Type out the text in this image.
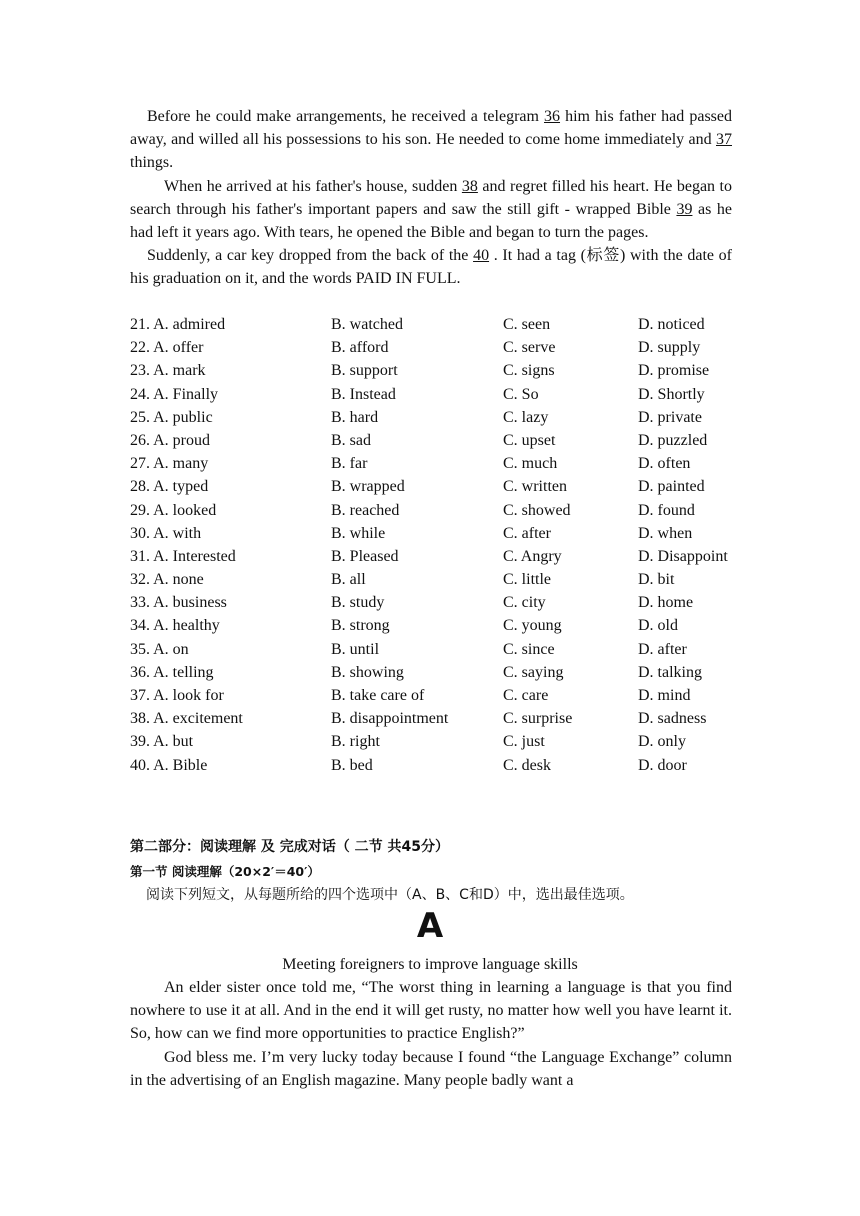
Before he could make arrangements, he received a telegram 36 him his father had passed away, and willed all his possessions to his son. He needed to come home immediately and 37 things.

When he arrived at his father's house, sudden 38 and regret filled his heart. He began to search through his father's important papers and saw the still gift - wrapped Bible 39 as he had left it years ago. With tears, he opened the Bible and began to turn the pages.

Suddenly, a car key dropped from the back of the 40 . It had a tag (标签) with the date of his graduation on it, and the words PAID IN FULL.

21. A. admired	B. watched	C. seen	D. noticed
22. A. offer	B. afford	C. serve	D. supply
23. A. mark	B. support	C. signs	D. promise
24. A. Finally	B. Instead	C. So	D. Shortly
25. A. public	B. hard	C. lazy	D. private
26. A. proud	B. sad	C. upset	D. puzzled
27. A. many	B. far	C. much	D. often
28. A. typed	B. wrapped	C. written	D. painted
29. A. looked	B. reached	C. showed	D. found
30. A. with	B. while	C. after	D. when
31. A. Interested	B. Pleased	C. Angry	D. Disappoint
32. A. none	B. all	C. little	D. bit
33. A. business	B. study	C. city	D. home
34. A. healthy	B. strong	C. young	D. old
35. A. on	B. until	C. since	D. after
36. A. telling	B. showing	C. saying	D. talking
37. A. look for	B. take care of	C. care	D. mind
38. A. excitement	B. disappointment	C. surprise	D. sadness
39. A. but	B. right	C. just	D. only
40. A. Bible	B. bed	C. desk	D. door
第二部分：阅读理解 及 完成对话（ 二节 共45分）
第一节 阅读理解（20×2′＝40′）
阅读下列短文，从每题所给的四个选项中（A、B、C和D）中，选出最佳选项。
A
Meeting foreigners to improve language skills

An elder sister once told me, “The worst thing in learning a language is that you find nowhere to use it at all. And in the end it will get rusty, no matter how well you have learnt it. So, how can we find more opportunities to practice English?”

God bless me. I’m very lucky today because I found “the Language Exchange” column in the advertising of an English magazine. Many people badly want a
